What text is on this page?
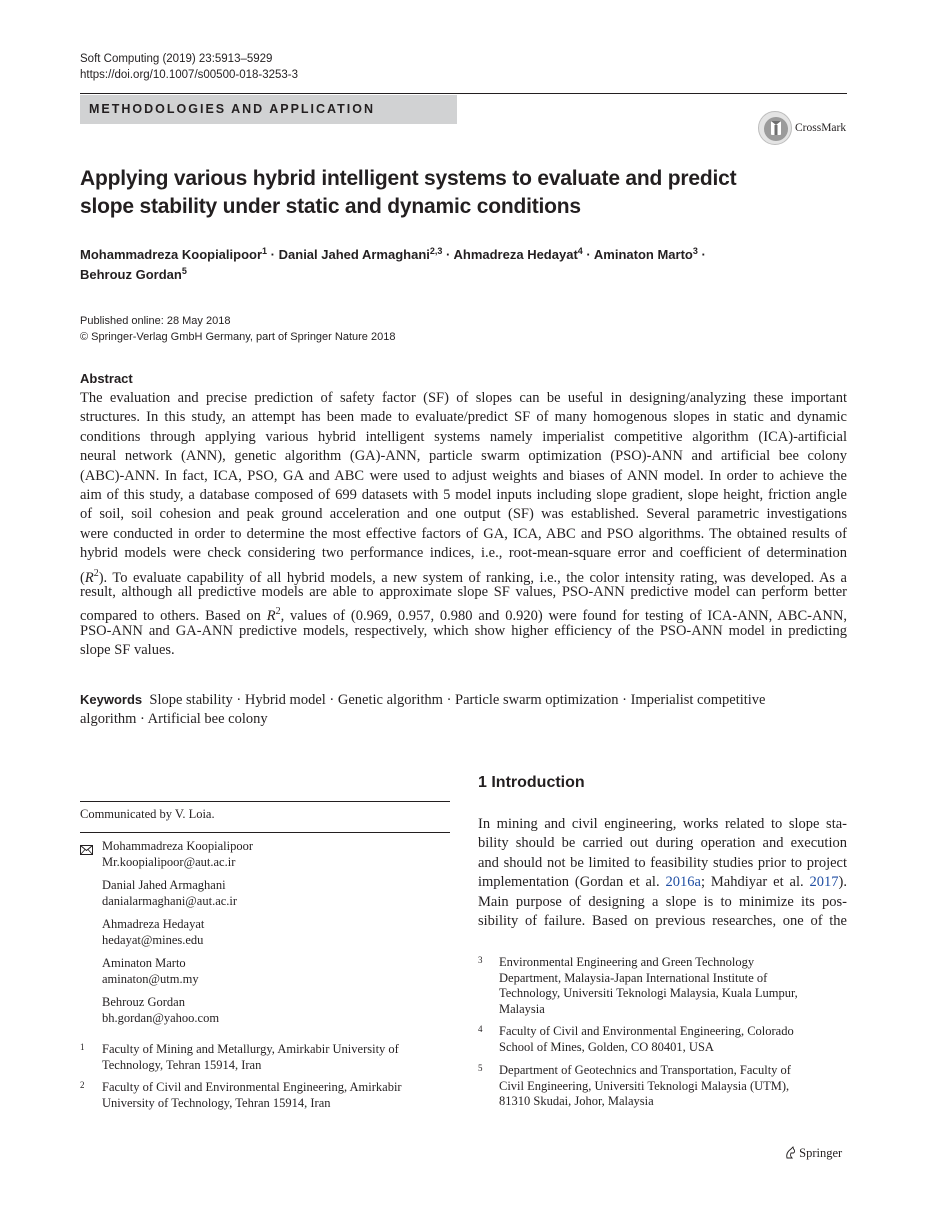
Soft Computing (2019) 23:5913–5929
https://doi.org/10.1007/s00500-018-3253-3
METHODOLOGIES AND APPLICATION
CrossMark
Applying various hybrid intelligent systems to evaluate and predict
slope stability under static and dynamic conditions
Mohammadreza Koopialipoor$^1$ · Danial Jahed Armaghani$^{2,3}$ · Ahmadreza Hedayat$^4$ · Aminaton Marto$^3$ ·
Behrouz Gordan$^5$
Published online: 28 May 2018
© Springer-Verlag GmbH Germany, part of Springer Nature 2018
Abstract
The evaluation and precise prediction of safety factor (SF) of slopes can be useful in designing/analyzing these important
structures. In this study, an attempt has been made to evaluate/predict SF of many homogenous slopes in static and dynamic
conditions through applying various hybrid intelligent systems namely imperialist competitive algorithm (ICA)-artificial
neural network (ANN), genetic algorithm (GA)-ANN, particle swarm optimization (PSO)-ANN and artificial bee colony
(ABC)-ANN. In fact, ICA, PSO, GA and ABC were used to adjust weights and biases of ANN model. In order to achieve the
aim of this study, a database composed of 699 datasets with 5 model inputs including slope gradient, slope height, friction angle
of soil, soil cohesion and peak ground acceleration and one output (SF) was established. Several parametric investigations
were conducted in order to determine the most effective factors of GA, ICA, ABC and PSO algorithms. The obtained results of
hybrid models were check considering two performance indices, i.e., root-mean-square error and coefficient of determination
$(R^2)$. To evaluate capability of all hybrid models, a new system of ranking, i.e., the color intensity rating, was developed. As a
result, although all predictive models are able to approximate slope SF values, PSO-ANN predictive model can perform better
compared to others. Based on $R^2$, values of (0.969, 0.957, 0.980 and 0.920) were found for testing of ICA-ANN, ABC-ANN,
PSO-ANN and GA-ANN predictive models, respectively, which show higher efficiency of the PSO-ANN model in predicting
slope SF values.
Keywords Slope stability · Hybrid model · Genetic algorithm · Particle swarm optimization · Imperialist competitive
algorithm · Artificial bee colony
Communicated by V. Loia.
Mohammadreza Koopialipoor
Mr.koopialipoor@aut.ac.ir
Danial Jahed Armaghani
danialarmaghani@aut.ac.ir
Ahmadreza Hedayat
hedayat@mines.edu
Aminaton Marto
aminaton@utm.my
Behrouz Gordan
bh.gordan@yahoo.com
1 Faculty of Mining and Metallurgy, Amirkabir University of
Technology, Tehran 15914, Iran
2 Faculty of Civil and Environmental Engineering, Amirkabir
University of Technology, Tehran 15914, Iran
1 Introduction
In mining and civil engineering, works related to slope sta-
bility should be carried out during operation and execution
and should not be limited to feasibility studies prior to project
implementation (Gordan et al. 2016a; Mahdiyar et al. 2017).
Main purpose of designing a slope is to minimize its pos-
sibility of failure. Based on previous researches, one of the
3 Environmental Engineering and Green Technology
Department, Malaysia-Japan International Institute of
Technology, Universiti Teknologi Malaysia, Kuala Lumpur,
Malaysia
4 Faculty of Civil and Environmental Engineering, Colorado
School of Mines, Golden, CO 80401, USA
5 Department of Geotechnics and Transportation, Faculty of
Civil Engineering, Universiti Teknologi Malaysia (UTM),
81310 Skudai, Johor, Malaysia
Springer
